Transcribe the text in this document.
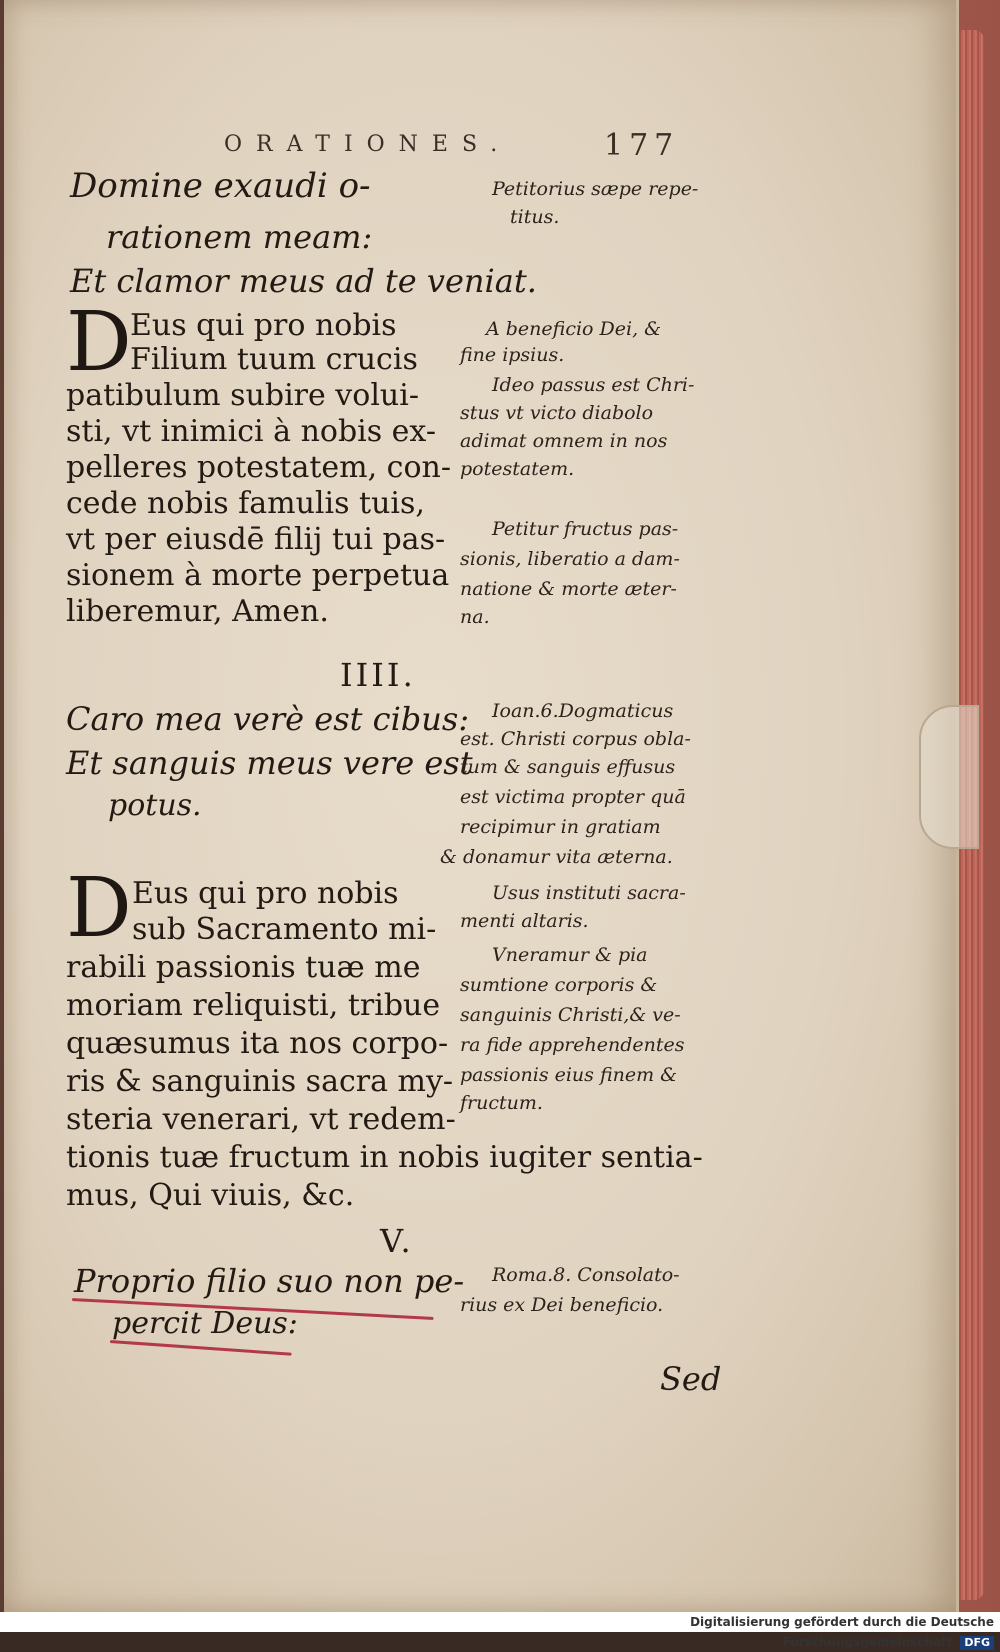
ORATIONES.	177
Domine exaudi o-
rationem meam:
Et clamor meus ad te veniat.
Petitorius sæpe repe-
titus.
D
Eus qui pro nobis
Filium tuum crucis
patibulum subire volui-
sti, vt inimici à nobis ex-
pelleres potestatem, con-
cede nobis famulis tuis,
vt per eiusdē filij tui pas-
sionem à morte perpetua
liberemur, Amen.
A beneficio Dei, &
fine ipsius.
Ideo passus est Chri-
stus vt victo diabolo
adimat omnem in nos
potestatem.
Petitur fructus pas-
sionis, liberatio a dam-
natione & morte æter-
na.
IIII.
Caro mea verè est cibus:
Et sanguis meus vere est
potus.
Ioan.6.Dogmaticus
est. Christi corpus obla-
tum & sanguis effusus
est victima propter quā
recipimur in gratiam
& donamur vita æterna.
D Eus qui pro nobis
sub Sacramento mi-
rabili passionis tuæ me
moriam reliquisti, tribue
quæsumus ita nos corpo-
ris & sanguinis sacra my-
steria venerari, vt redem-
tionis tuæ fructum in nobis iugiter sentia-
mus, Qui viuis, &c.
Usus instituti sacra-
menti altaris.
Vneramur & pia
sumtione corporis &
sanguinis Christi,& ve-
ra fide apprehendentes
passionis eius finem &
fructum.
V.
Proprio filio suo non pe-
percit Deus:
Roma.8. Consolato-
rius ex Dei beneficio.
Sed
Digitalisierung gefördert durch die Deutsche Forschungsgemeinschaft DFG
